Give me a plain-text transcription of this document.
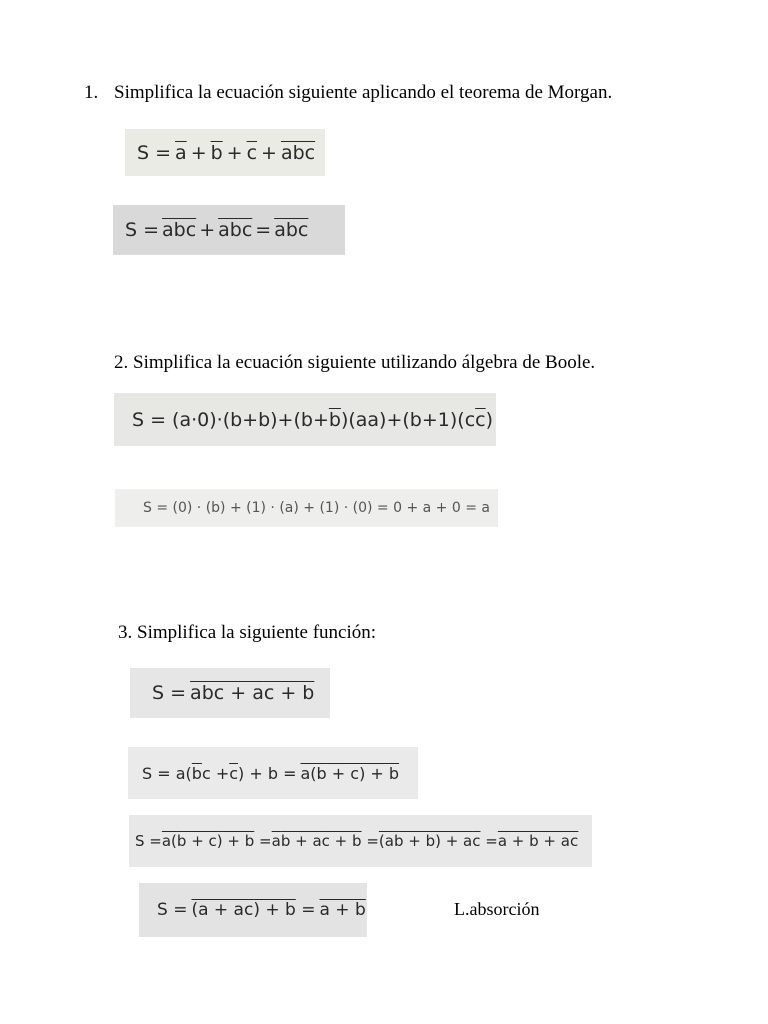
1. Simplifica la ecuación siguiente aplicando el teorema de Morgan.
$S = \overline{a} + \overline{b} + \overline{c} + \overline{abc}$
$S = \overline{abc} + \overline{abc} = \overline{abc}$
2. Simplifica la ecuación siguiente utilizando álgebra de Boole.
$S = (a\cdot 0)\cdot(b+b)+(b+ \overline{b}$ )(aa)+(b+1)(c $\overline{c}$ )
S = (0) · (b) + (1) · (a) + (1) · (0) = 0 + a + 0 = a
3. Simplifica la siguiente función:
S = abc + ac + b
S = a( $\overline{b}$ $c + \overline{c}$ ) + b = a(b + c) + b
S = a(b + c) + b = ab + ac + b = (ab + b) + ac = a + b + ac
S = (a + ac) + b = a + b	L.absorción
